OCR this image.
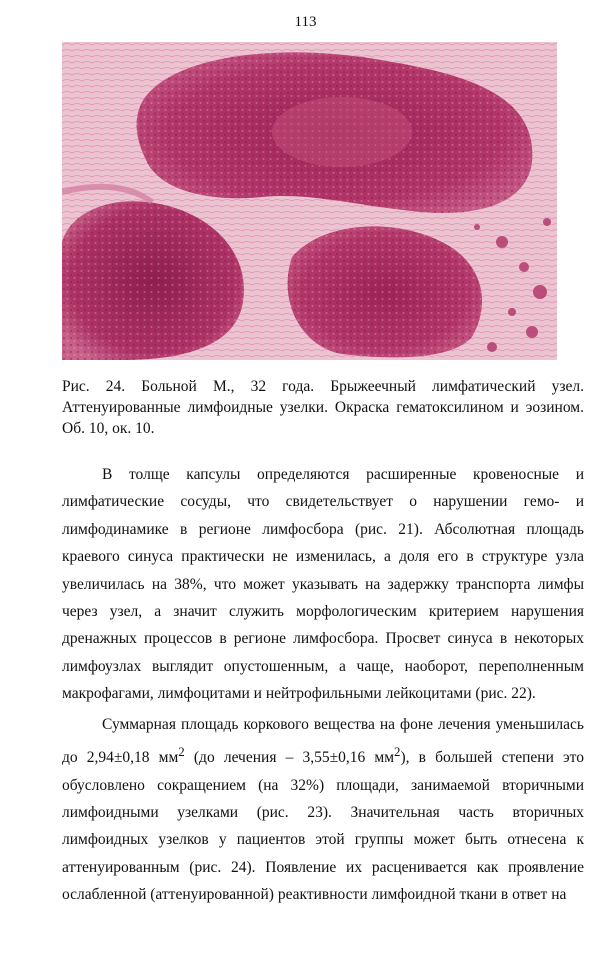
113
Рис. 24. Больной М., 32 года. Брыжеечный лимфатический узел. Аттенуированные лимфоидные узелки. Окраска гематоксилином и эозином. Об. 10, ок. 10.

В толще капсулы определяются расширенные кровеносные и лимфатические сосуды, что свидетельствует о нарушении гемо- и лимфодинамике в регионе лимфосбора (рис. 21). Абсолютная площадь краевого синуса практически не изменилась, а доля его в структуре узла увеличилась на 38%, что может указывать на задержку транспорта лимфы через узел, а значит служить морфологическим критерием нарушения дренажных процессов в регионе лимфосбора. Просвет синуса в некоторых лимфоузлах выглядит опустошенным, а чаще, наоборот, переполненным макрофагами, лимфоцитами и нейтрофильными лейкоцитами (рис. 22).

Суммарная площадь коркового вещества на фоне лечения уменьшилась до 2,94±0,18 $мм^2$ (до лечения – 3,55±0,16 $мм^2$), в большей степени это обусловлено сокращением (на 32%) площади, занимаемой вторичными лимфоидными узелками (рис. 23). Значительная часть вторичных лимфоидных узелков у пациентов этой группы может быть отнесена к аттенуированным (рис. 24). Появление их расценивается как проявление ослабленной (аттенуированной) реактивности лимфоидной ткани в ответ на
